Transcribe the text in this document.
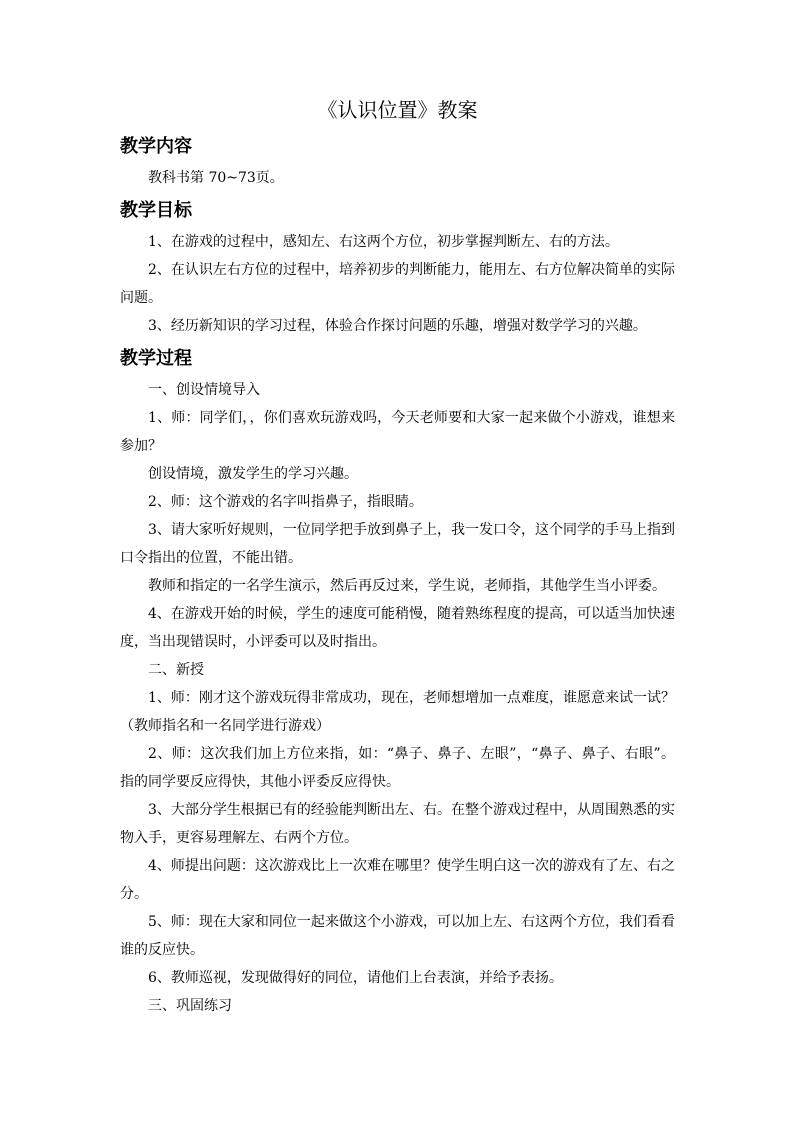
《认识位置》教案
教学内容

教科书第 70~73页。

教学目标

1、在游戏的过程中，感知左、右这两个方位，初步掌握判断左、右的方法。

2、在认识左右方位的过程中，培养初步的判断能力，能用左、右方位解决简单的实际问题。

3、经历新知识的学习过程，体验合作探讨问题的乐趣，增强对数学学习的兴趣。

教学过程

一、创设情境导入

1、师：同学们，，你们喜欢玩游戏吗，今天老师要和大家一起来做个小游戏，谁想来参加？

创设情境，激发学生的学习兴趣。

2、师：这个游戏的名字叫指鼻子，指眼睛。

3、请大家听好规则，一位同学把手放到鼻子上，我一发口令，这个同学的手马上指到口令指出的位置，不能出错。

教师和指定的一名学生演示，然后再反过来，学生说，老师指，其他学生当小评委。

4、在游戏开始的时候，学生的速度可能稍慢，随着熟练程度的提高，可以适当加快速度，当出现错误时，小评委可以及时指出。

二、新授

1、师：刚才这个游戏玩得非常成功，现在，老师想增加一点难度，谁愿意来试一试？（教师指名和一名同学进行游戏）

2、师：这次我们加上方位来指，如：“鼻子、鼻子、左眼”，“鼻子、鼻子、右眼”。指的同学要反应得快，其他小评委反应得快。

3、大部分学生根据已有的经验能判断出左、右。在整个游戏过程中，从周围熟悉的实物入手，更容易理解左、右两个方位。

4、师提出问题：这次游戏比上一次难在哪里？使学生明白这一次的游戏有了左、右之分。

5、师：现在大家和同位一起来做这个小游戏，可以加上左、右这两个方位，我们看看谁的反应快。

6、教师巡视，发现做得好的同位，请他们上台表演，并给予表扬。

三、巩固练习
